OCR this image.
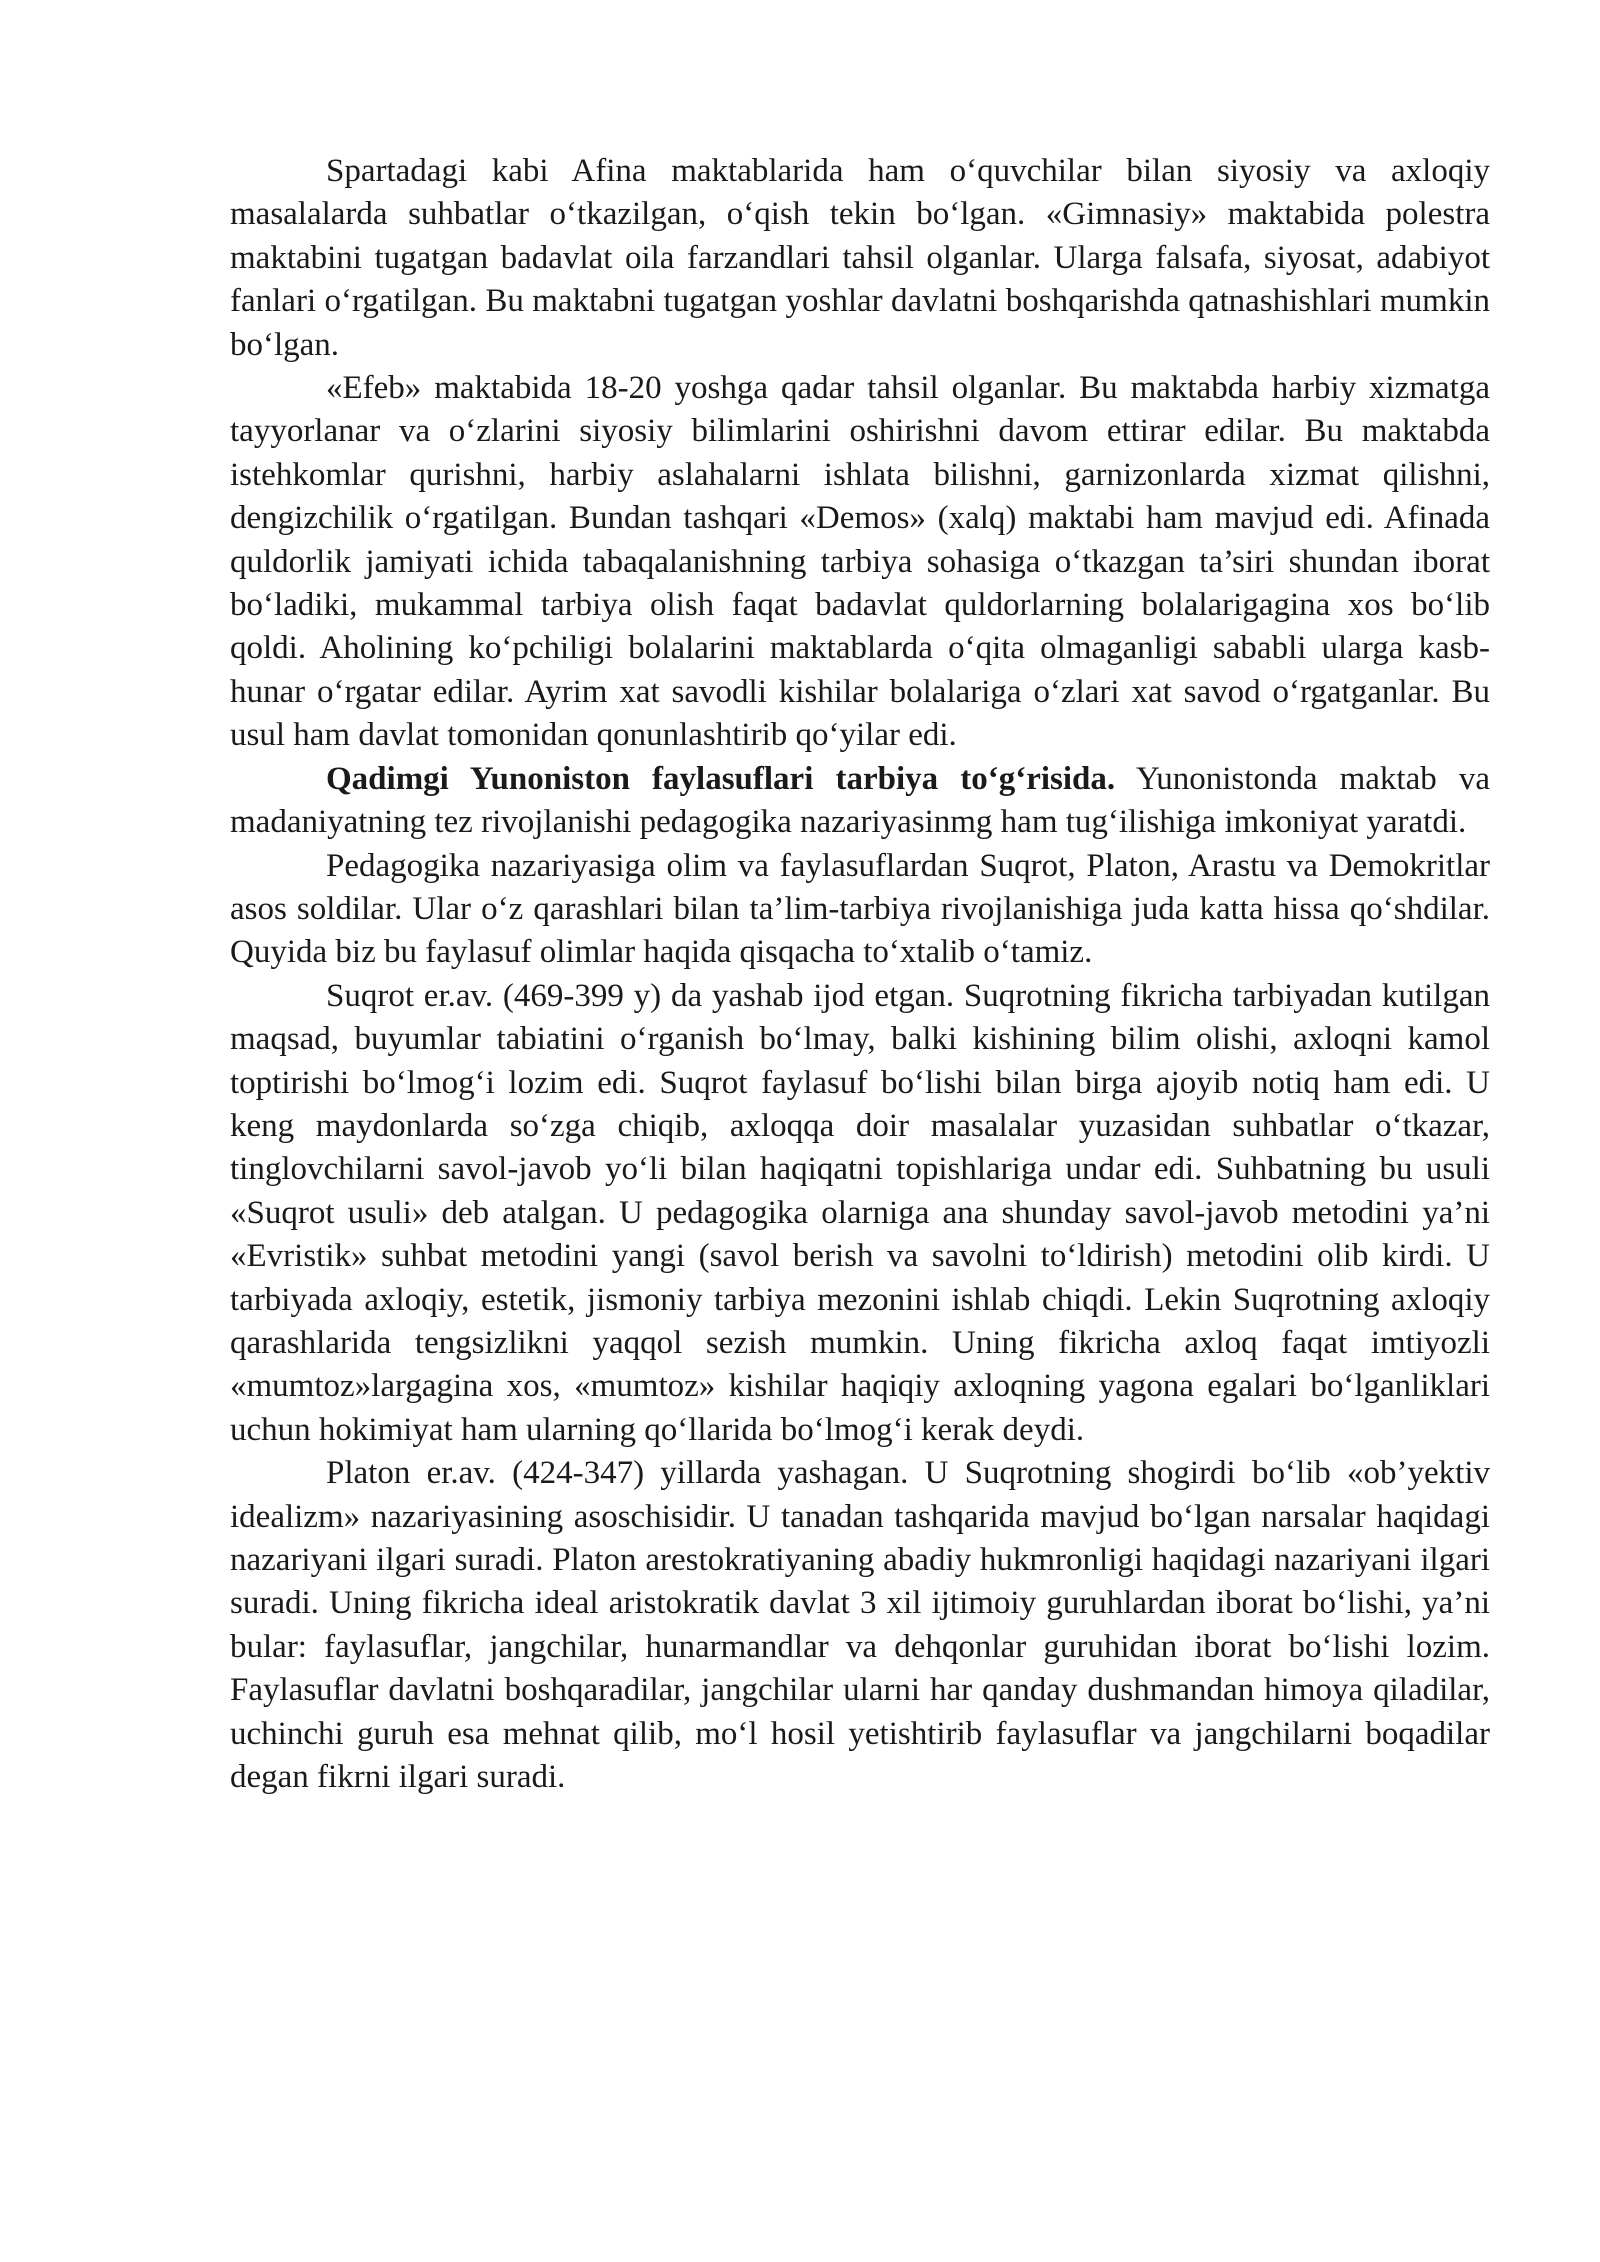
Spartadagi kabi Afina maktablarida ham o‘quvchilar bilan siyosiy va axloqiy masalalarda suhbatlar o‘tkazilgan, o‘qish tekin bo‘lgan. «Gimnasiy» maktabida polestra maktabini tugatgan badavlat oila farzandlari tahsil olganlar. Ularga falsafa, siyosat, adabiyot fanlari o‘rgatilgan. Bu maktabni tugatgan yoshlar davlatni boshqarishda qatnashishlari mumkin bo‘lgan.

«Efeb» maktabida 18-20 yoshga qadar tahsil olganlar. Bu maktabda harbiy xizmatga tayyorlanar va o‘zlarini siyosiy bilimlarini oshirishni davom ettirar edilar. Bu maktabda istehkomlar qurishni, harbiy aslahalarni ishlata bilishni, garnizonlarda xizmat qilishni, dengizchilik o‘rgatilgan. Bundan tashqari «Demos» (xalq) maktabi ham mavjud edi. Afinada quldorlik jamiyati ichida tabaqalanishning tarbiya sohasiga o‘tkazgan ta’siri shundan iborat bo‘ladiki, mukammal tarbiya olish faqat badavlat quldorlarning bolalarigagina xos bo‘lib qoldi. Aholining ko‘pchiligi bolalarini maktablarda o‘qita olmaganligi sababli ularga kasb-hunar o‘rgatar edilar. Ayrim xat savodli kishilar bolalariga o‘zlari xat savod o‘rgatganlar. Bu usul ham davlat tomonidan qonunlashtirib qo‘yilar edi.

Qadimgi Yunoniston faylasuflari tarbiya to‘g‘risida. Yunonistonda maktab va madaniyatning tez rivojlanishi pedagogika nazariyasinmg ham tug‘ilishiga imkoniyat yaratdi.

Pedagogika nazariyasiga olim va faylasuflardan Suqrot, Platon, Arastu va Demokritlar asos soldilar. Ular o‘z qarashlari bilan ta’lim-tarbiya rivojlanishiga juda katta hissa qo‘shdilar. Quyida biz bu faylasuf olimlar haqida qisqacha to‘xtalib o‘tamiz.

Suqrot er.av. (469-399 y) da yashab ijod etgan. Suqrotning fikricha tarbiyadan kutilgan maqsad, buyumlar tabiatini o‘rganish bo‘lmay, balki kishining bilim olishi, axloqni kamol toptirishi bo‘lmog‘i lozim edi. Suqrot faylasuf bo‘lishi bilan birga ajoyib notiq ham edi. U keng maydonlarda so‘zga chiqib, axloqqa doir masalalar yuzasidan suhbatlar o‘tkazar, tinglovchilarni savol-javob yo‘li bilan haqiqatni topishlariga undar edi. Suhbatning bu usuli «Suqrot usuli» deb atalgan. U pedagogika olarniga ana shunday savol-javob metodini ya’ni «Evristik» suhbat metodini yangi (savol berish va savolni to‘ldirish) metodini olib kirdi. U tarbiyada axloqiy, estetik, jismoniy tarbiya mezonini ishlab chiqdi. Lekin Suqrotning axloqiy qarashlarida tengsizlikni yaqqol sezish mumkin. Uning fikricha axloq faqat imtiyozli «mumtoz»largagina xos, «mumtoz» kishilar haqiqiy axloqning yagona egalari bo‘lganliklari uchun hokimiyat ham ularning qo‘llarida bo‘lmog‘i kerak deydi.

Platon er.av. (424-347) yillarda yashagan. U Suqrotning shogirdi bo‘lib «ob’yektiv idealizm» nazariyasining asoschisidir. U tanadan tashqarida mavjud bo‘lgan narsalar haqidagi nazariyani ilgari suradi. Platon arestokratiyaning abadiy hukmronligi haqidagi nazariyani ilgari suradi. Uning fikricha ideal aristokratik davlat 3 xil ijtimoiy guruhlardan iborat bo‘lishi, ya’ni bular: faylasuflar, jangchilar, hunarmandlar va dehqonlar guruhidan iborat bo‘lishi lozim. Faylasuflar davlatni boshqaradilar, jangchilar ularni har qanday dushmandan himoya qiladilar, uchinchi guruh esa mehnat qilib, mo‘l hosil yetishtirib faylasuflar va jangchilarni boqadilar degan fikrni ilgari suradi.
